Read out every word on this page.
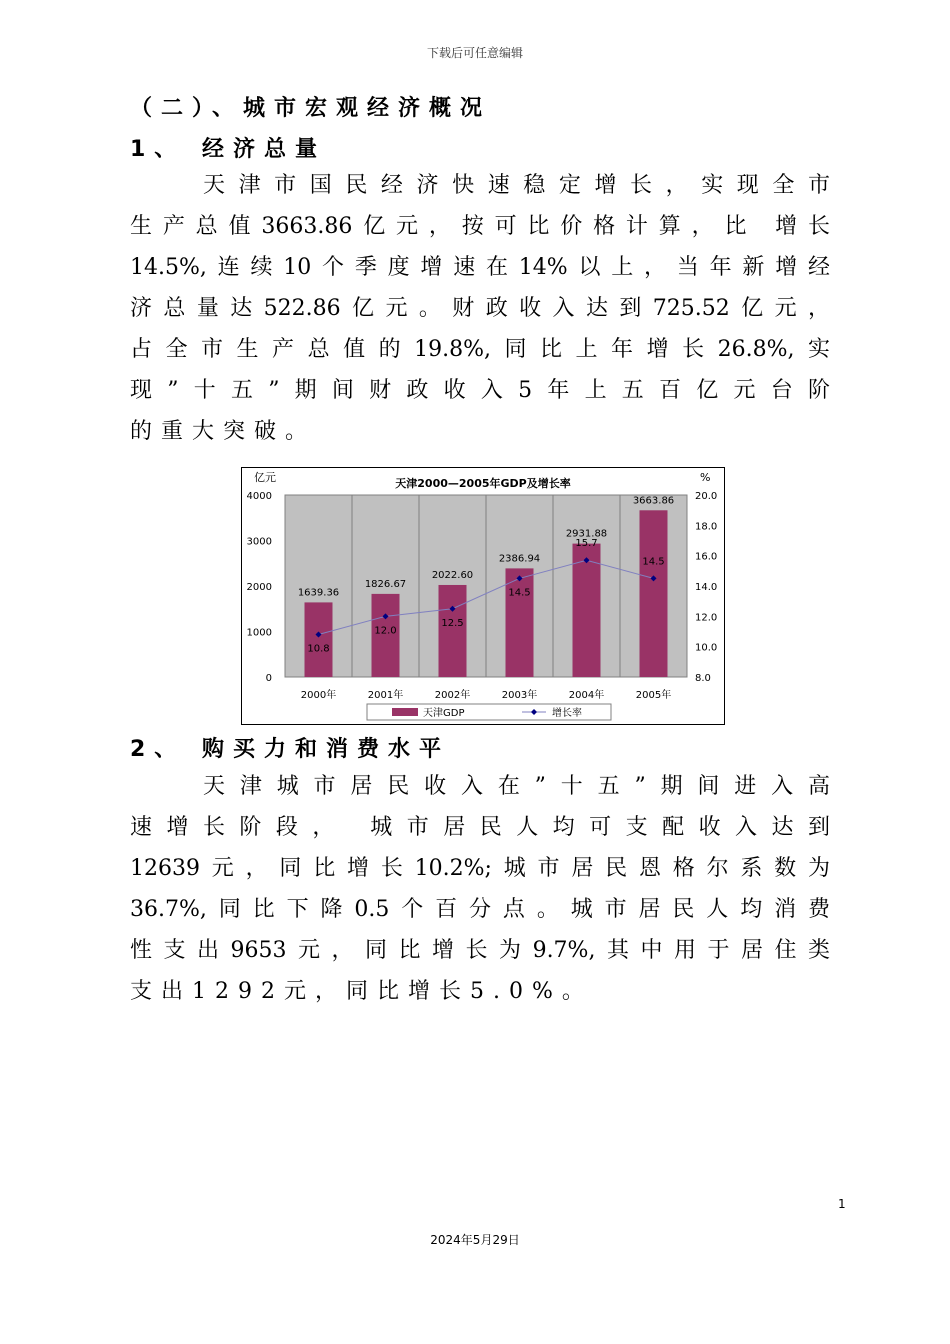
下载后可任意编辑
（二）、城市宏观经济概况
1、 经济总量
天津市国民经济快速稳定增长，实现全市
生产总值3663.86亿元，按可比价格计算，比 增长
14.5%,连续10个季度增速在14%以上，当年新增经
济总量达522.86亿元。财政收入达到725.52亿元，
占全市生产总值的19.8%,同比上年增长26.8%,实
现”十五”期间财政收入5年上五百亿元台阶
的重大突破。
天津2000—2005年GDP及增长率
亿元	%
4000
3000
2000
1000
0
20.0
18.0
16.0
14.0
12.0
10.0
8.0
1639.36
1826.67
2022.60
2386.94
2931.88
3663.86
10.8
12.0
12.5
14.5
15.7
14.5
2000年	2001年	2002年	2003年	2004年	2005年
天津GDP	增长率
2、 购买力和消费水平
天津城市居民收入在”十五”期间进入高
速增长阶段， 城市居民人均可支配收入达到
12639元，同比增长10.2%;城市居民恩格尔系数为
36.7%,同比下降0.5个百分点。城市居民人均消费
性支出9653元，同比增长为9.7%,其中用于居住类
支出1292元，同比增长5.0%。
1
2024年5月29日
